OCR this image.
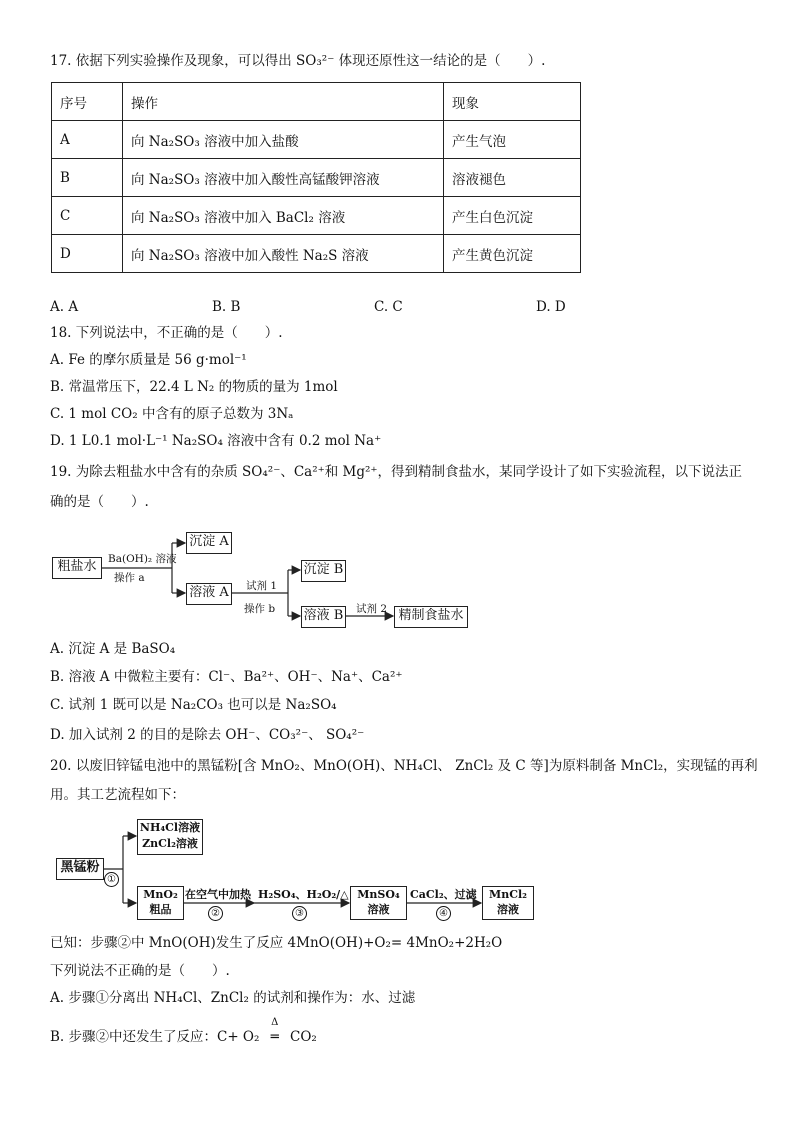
17. 依据下列实验操作及现象，可以得出 SO₃²⁻ 体现还原性这一结论的是（　　）.
序号	操作	现象
A	向 Na₂SO₃ 溶液中加入盐酸	产生气泡
B	向 Na₂SO₃ 溶液中加入酸性高锰酸钾溶液	溶液褪色
C	向 Na₂SO₃ 溶液中加入 BaCl₂ 溶液	产生白色沉淀
D	向 Na₂SO₃ 溶液中加入酸性 Na₂S 溶液	产生黄色沉淀
A. A	B. B	C. C	D. D
18. 下列说法中，不正确的是（　　）.
A. Fe 的摩尔质量是 56 g·mol⁻¹
B. 常温常压下，22.4 L N₂ 的物质的量为 1mol
C. 1 mol CO₂ 中含有的原子总数为 3Nₐ
D. 1 L0.1 mol·L⁻¹ Na₂SO₄ 溶液中含有 0.2 mol Na⁺
19. 为除去粗盐水中含有的杂质 SO₄²⁻、Ca²⁺和 Mg²⁺，得到精制食盐水，某同学设计了如下实验流程，以下说法正
确的是（　　）.
粗盐水	Ba(OH)₂ 溶液
操作 a
沉淀 A
溶液 A	试剂 1
操作 b
沉淀 B
溶液 B 试剂 2 精制食盐水
A. 沉淀 A 是 BaSO₄
B. 溶液 A 中微粒主要有：Cl⁻、Ba²⁺、OH⁻、Na⁺、Ca²⁺
C. 试剂 1 既可以是 Na₂CO₃ 也可以是 Na₂SO₄
D. 加入试剂 2 的目的是除去 OH⁻、CO₃²⁻、 SO₄²⁻
20. 以废旧锌锰电池中的黑锰粉[含 MnO₂、MnO(OH)、NH₄Cl、 ZnCl₂ 及 C 等]为原料制备 MnCl₂，实现锰的再利
用。其工艺流程如下：
黑锰粉
①
NH₄Cl溶液
ZnCl₂溶液
MnO₂
粗品
在空气中加热
②
H₂SO₄、H₂O₂/△
③
MnSO₄
溶液
CaCl₂、过滤
④
MnCl₂
溶液
已知：步骤②中 MnO(OH)发生了反应 4MnO(OH)+O₂= 4MnO₂+2H₂O
下列说法不正确的是（　　）.
A. 步骤①分离出 NH₄Cl、ZnCl₂ 的试剂和操作为：水、过滤
B. 步骤②中还发生了反应：C+ O₂
Δ
═ CO₂
